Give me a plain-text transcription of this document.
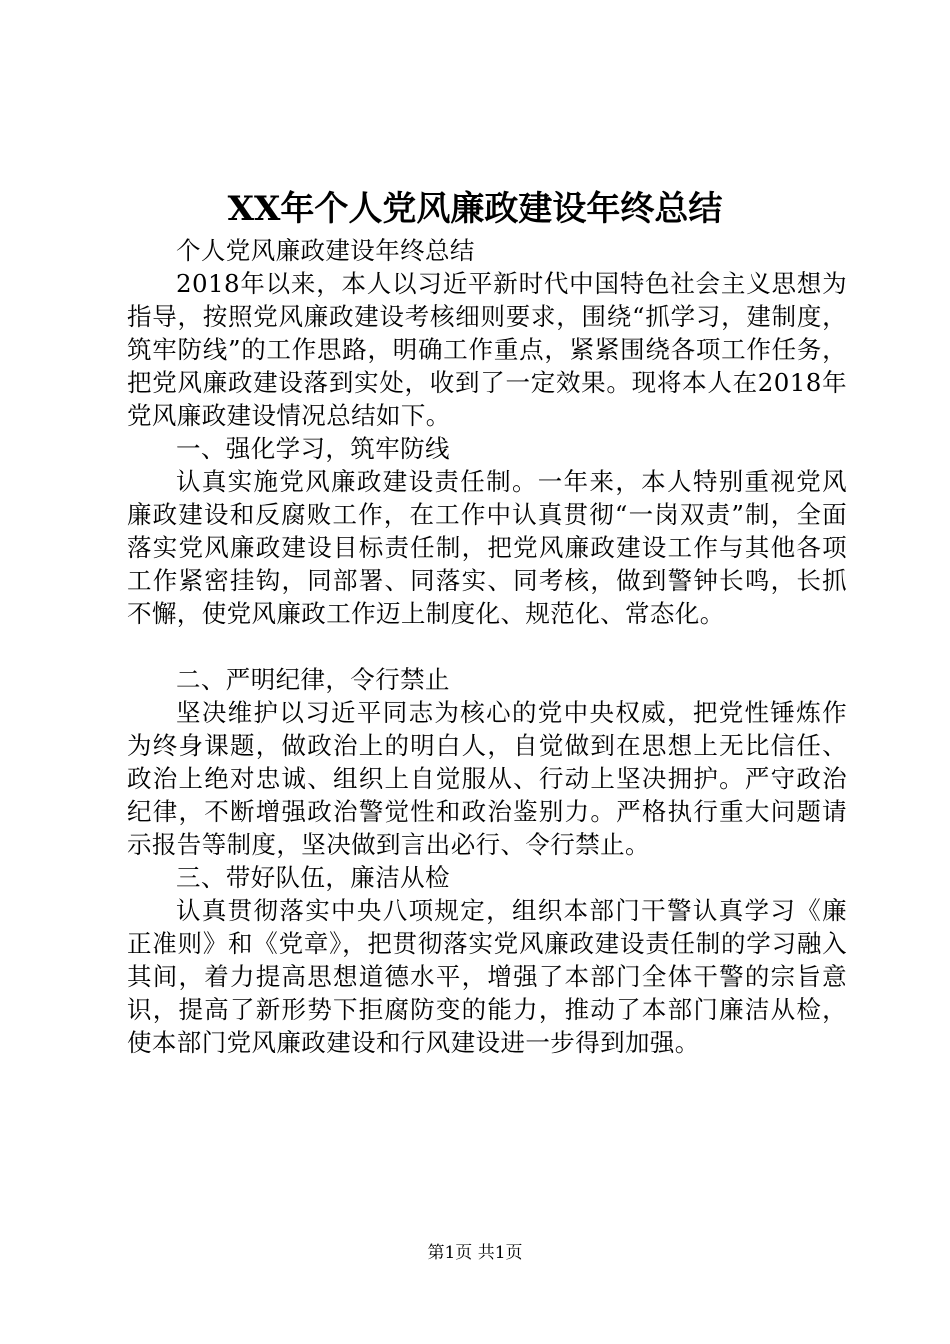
XX年个人党风廉政建设年终总结

个人党风廉政建设年终总结

2018年以来，本人以习近平新时代中国特色社会主义思想为指导，按照党风廉政建设考核细则要求，围绕“抓学习，建制度，筑牢防线”的工作思路，明确工作重点，紧紧围绕各项工作任务，把党风廉政建设落到实处，收到了一定效果。现将本人在2018年党风廉政建设情况总结如下。

一、强化学习，筑牢防线

认真实施党风廉政建设责任制。一年来，本人特别重视党风廉政建设和反腐败工作，在工作中认真贯彻“一岗双责”制，全面落实党风廉政建设目标责任制，把党风廉政建设工作与其他各项工作紧密挂钩，同部署、同落实、同考核，做到警钟长鸣，长抓不懈，使党风廉政工作迈上制度化、规范化、常态化。

二、严明纪律，令行禁止

坚决维护以习近平同志为核心的党中央权威，把党性锤炼作为终身课题，做政治上的明白人，自觉做到在思想上无比信任、政治上绝对忠诚、组织上自觉服从、行动上坚决拥护。严守政治纪律，不断增强政治警觉性和政治鉴别力。严格执行重大问题请示报告等制度，坚决做到言出必行、令行禁止。

三、带好队伍，廉洁从检

认真贯彻落实中央八项规定，组织本部门干警认真学习《廉正准则》和《党章》，把贯彻落实党风廉政建设责任制的学习融入其间，着力提高思想道德水平，增强了本部门全体干警的宗旨意识，提高了新形势下拒腐防变的能力，推动了本部门廉洁从检，使本部门党风廉政建设和行风建设进一步得到加强。

第1页 共1页
